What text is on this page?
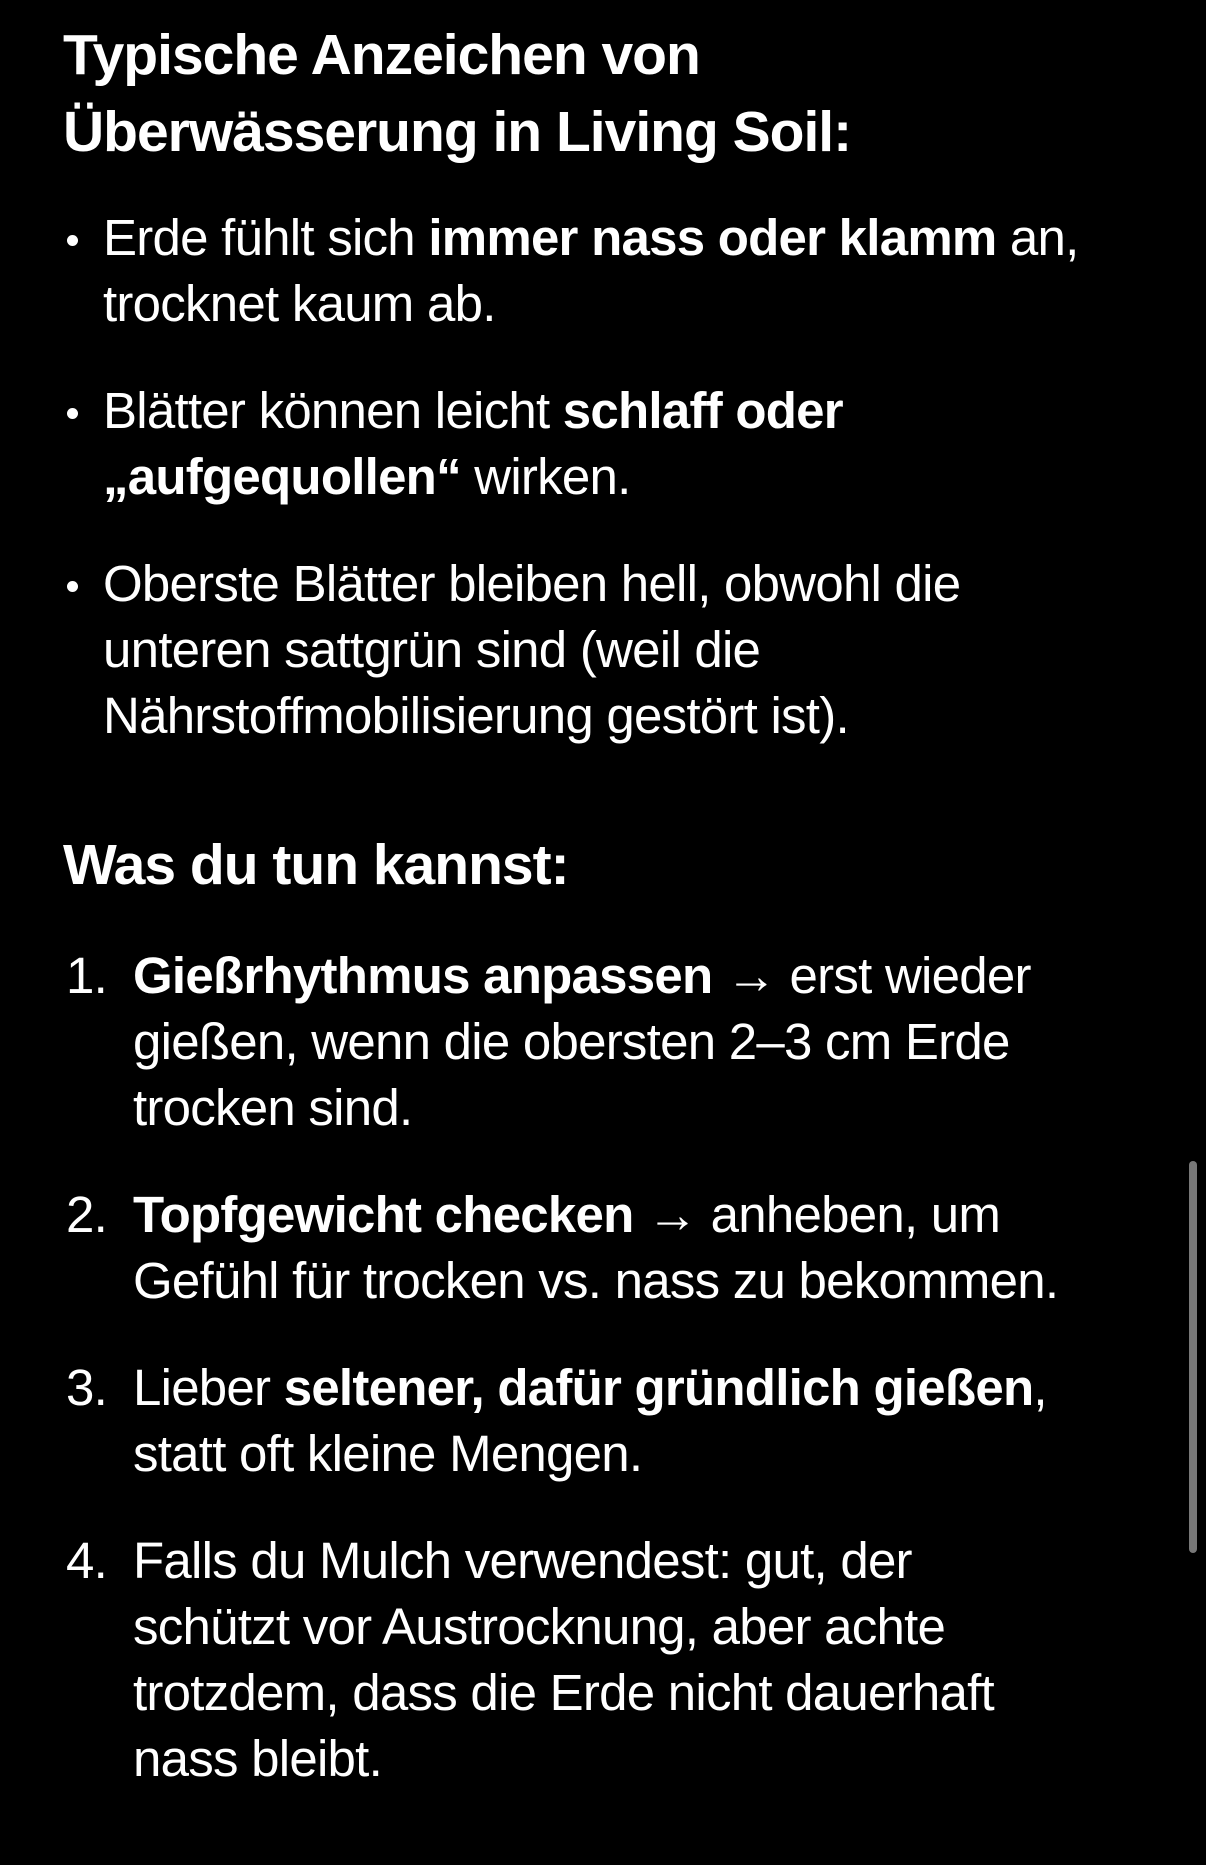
Typische Anzeichen von
Überwässerung in Living Soil:
Erde fühlt sich immer nass oder klamm an,
trocknet kaum ab.
Blätter können leicht schlaff oder
„aufgequollen“ wirken.
Oberste Blätter bleiben hell, obwohl die
unteren sattgrün sind (weil die
Nährstoffmobilisierung gestört ist).
Was du tun kannst:
1. Gießrhythmus anpassen → erst wieder
gießen, wenn die obersten 2–3 cm Erde
trocken sind.
2. Topfgewicht checken → anheben, um
Gefühl für trocken vs. nass zu bekommen.
3. Lieber seltener, dafür gründlich gießen,
statt oft kleine Mengen.
4. Falls du Mulch verwendest: gut, der
schützt vor Austrocknung, aber achte
trotzdem, dass die Erde nicht dauerhaft
nass bleibt.
